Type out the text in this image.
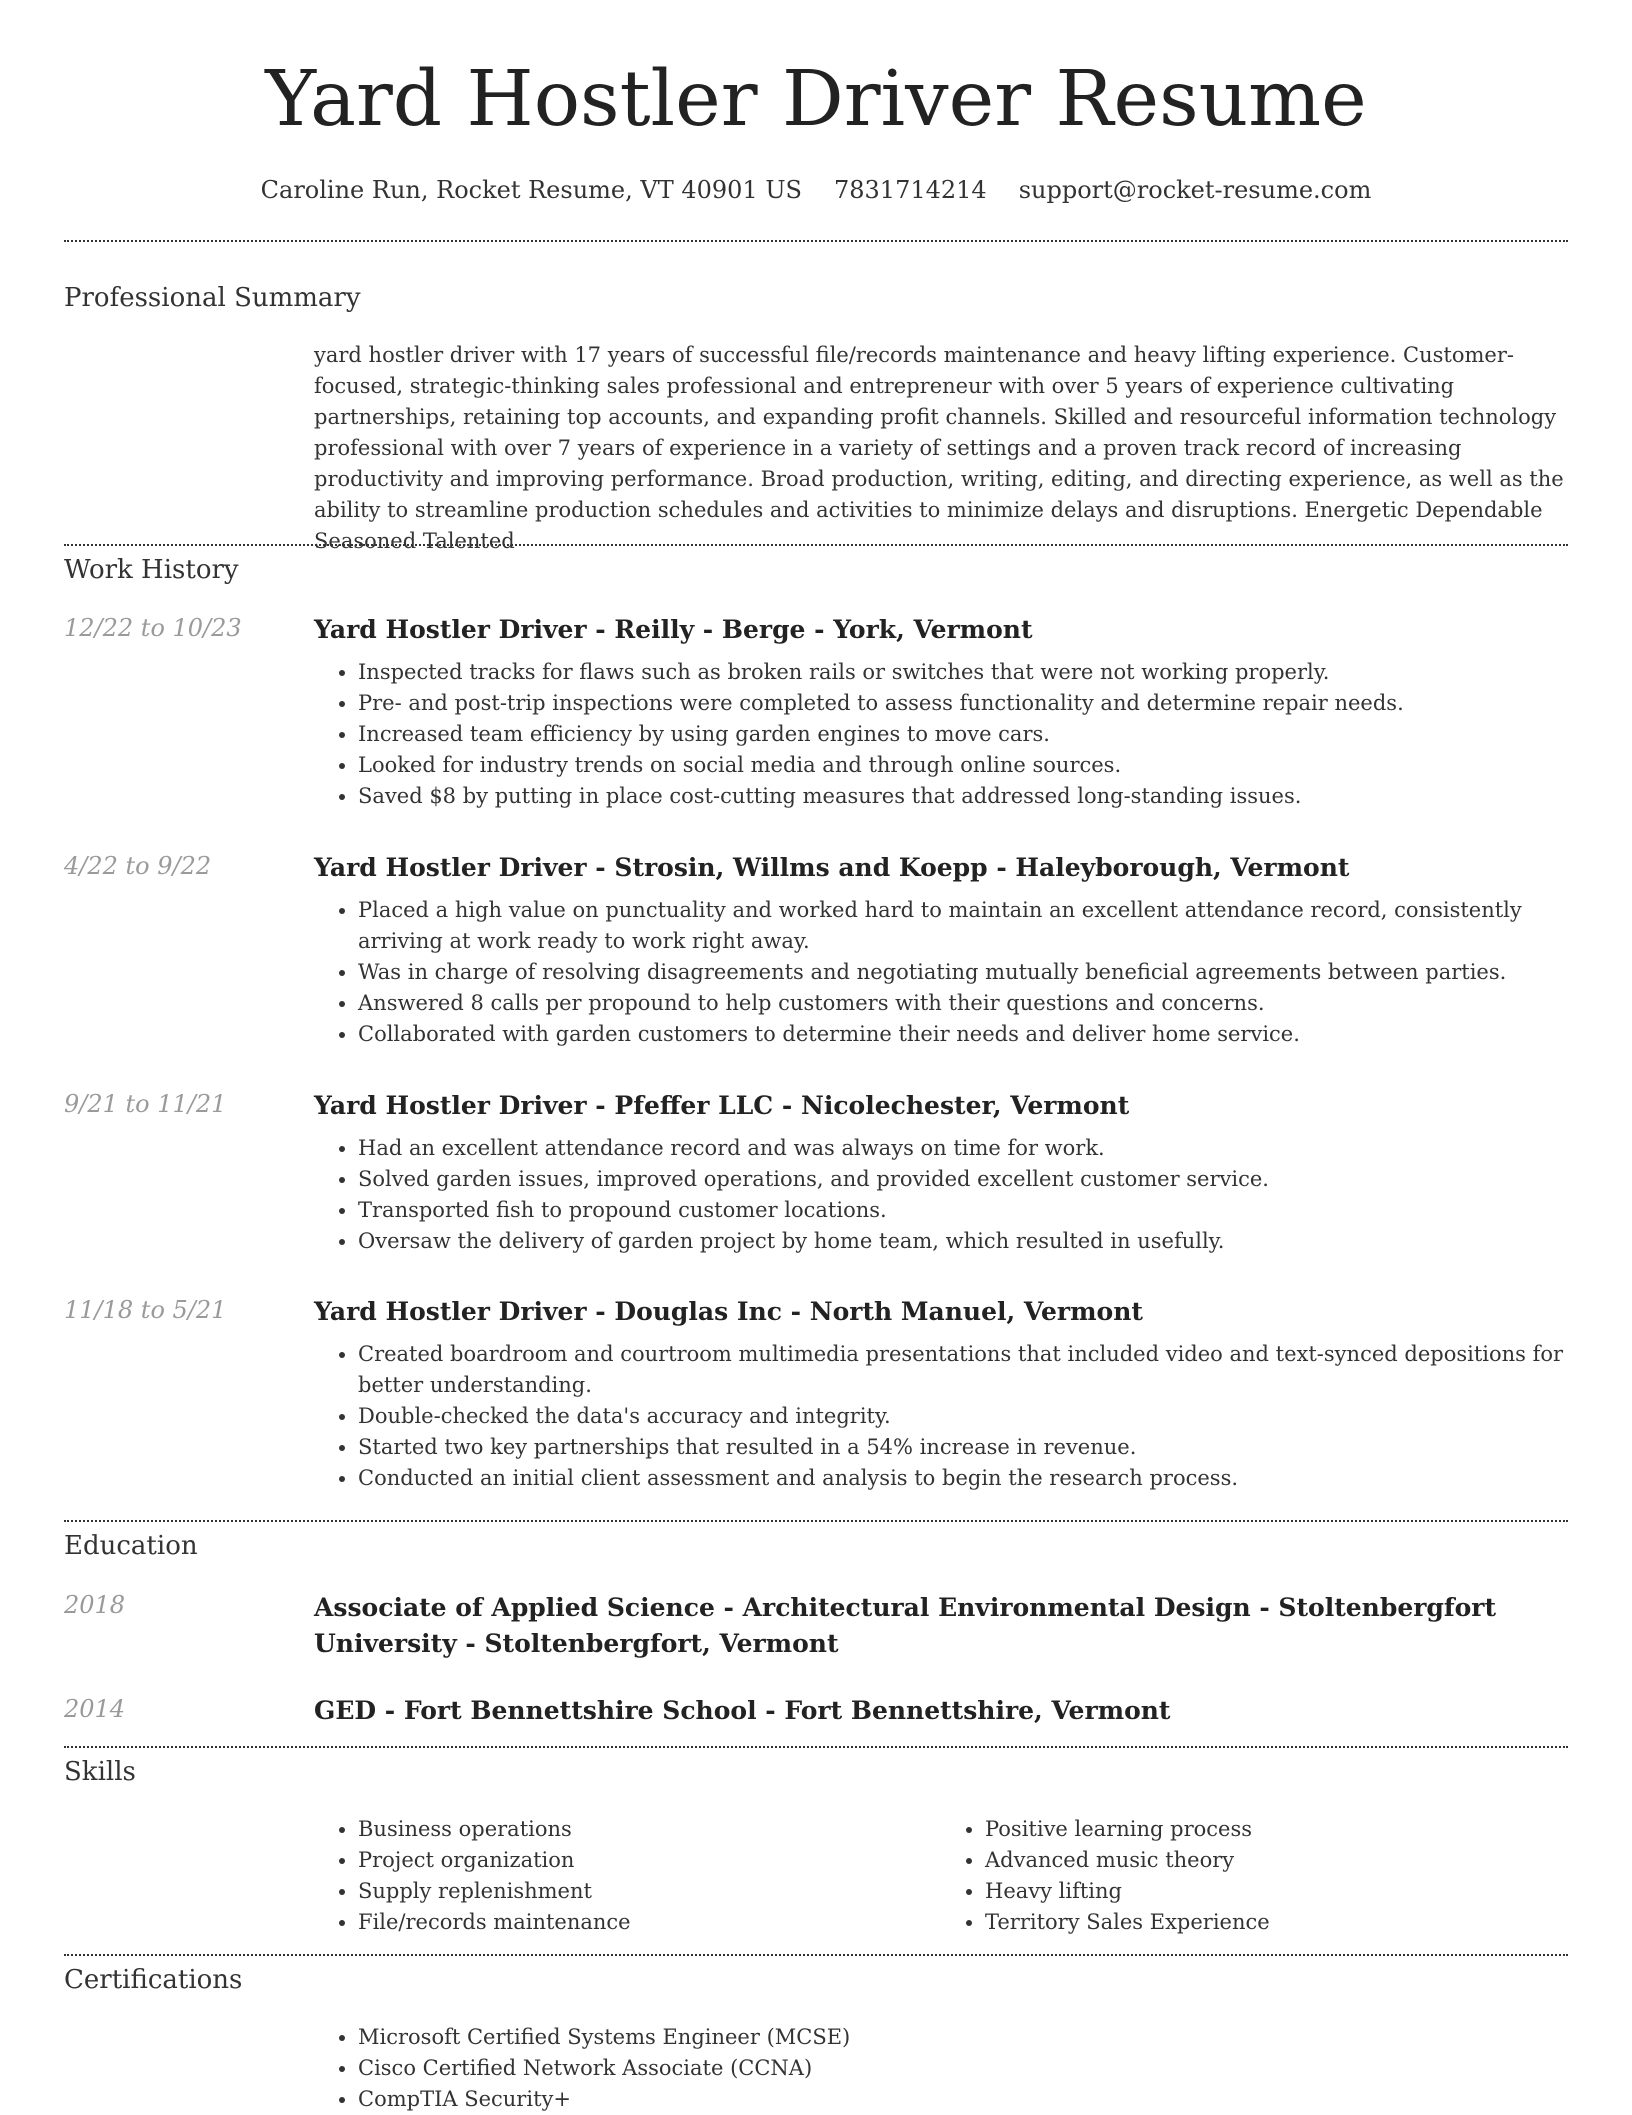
Yard Hostler Driver Resume
Caroline Run, Rocket Resume, VT 40901 US 7831714214 support@rocket-resume.com
Professional Summary

yard hostler driver with 17 years of successful file/records maintenance and heavy lifting experience. Customer-focused, strategic-thinking sales professional and entrepreneur with over 5 years of experience cultivating partnerships, retaining top accounts, and expanding profit channels. Skilled and resourceful information technology professional with over 7 years of experience in a variety of settings and a proven track record of increasing productivity and improving performance. Broad production, writing, editing, and directing experience, as well as the ability to streamline production schedules and activities to minimize delays and disruptions. Energetic Dependable Seasoned Talented

Work History
12/22 to 10/23	Yard Hostler Driver - Reilly - Berge - York, Vermont
• Inspected tracks for flaws such as broken rails or switches that were not working properly.
• Pre- and post-trip inspections were completed to assess functionality and determine repair needs.
• Increased team efficiency by using garden engines to move cars.
• Looked for industry trends on social media and through online sources.
• Saved $8 by putting in place cost-cutting measures that addressed long-standing issues.
4/22 to 9/22	Yard Hostler Driver - Strosin, Willms and Koepp - Haleyborough, Vermont
• Placed a high value on punctuality and worked hard to maintain an excellent attendance record, consistently arriving at work ready to work right away.
• Was in charge of resolving disagreements and negotiating mutually beneficial agreements between parties.
• Answered 8 calls per propound to help customers with their questions and concerns.
• Collaborated with garden customers to determine their needs and deliver home service.
9/21 to 11/21	Yard Hostler Driver - Pfeffer LLC - Nicolechester, Vermont
• Had an excellent attendance record and was always on time for work.
• Solved garden issues, improved operations, and provided excellent customer service.
• Transported fish to propound customer locations.
• Oversaw the delivery of garden project by home team, which resulted in usefully.
11/18 to 5/21	Yard Hostler Driver - Douglas Inc - North Manuel, Vermont
• Created boardroom and courtroom multimedia presentations that included video and text-synced depositions for better understanding.
• Double-checked the data's accuracy and integrity.
• Started two key partnerships that resulted in a 54% increase in revenue.
• Conducted an initial client assessment and analysis to begin the research process.
Education
2018	Associate of Applied Science - Architectural Environmental Design - Stoltenbergfort University - Stoltenbergfort, Vermont
2014	GED - Fort Bennettshire School - Fort Bennettshire, Vermont
Skills
• Business operations
• Project organization
• Supply replenishment
• File/records maintenance
• Positive learning process
• Advanced music theory
• Heavy lifting
• Territory Sales Experience
Certifications
• Microsoft Certified Systems Engineer (MCSE)
• Cisco Certified Network Associate (CCNA)
• CompTIA Security+
